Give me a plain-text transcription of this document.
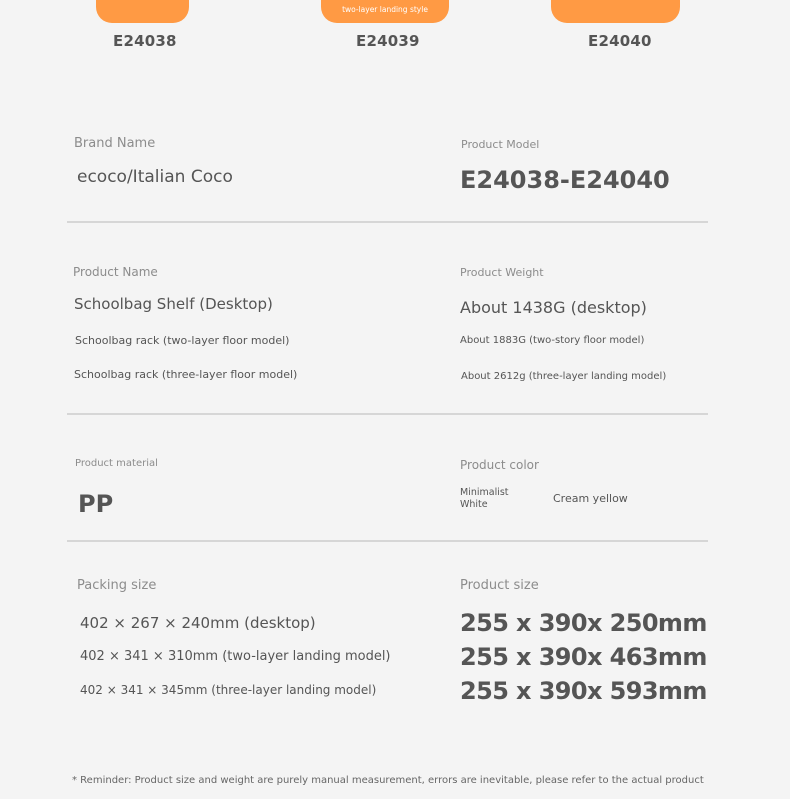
two-layer landing style
E24038	E24039	E24040
Brand Name
ecoco/Italian Coco
Product Model
E24038-E24040
Product Name
Schoolbag Shelf (Desktop)
Schoolbag rack (two-layer floor model)
Schoolbag rack (three-layer floor model)
Product Weight
About 1438G (desktop)
About 1883G (two-story floor model)
About 2612g (three-layer landing model)
Product material
PP
Product color
Minimalist
White	Cream yellow
Packing size
402 × 267 × 240mm (desktop)
402 × 341 × 310mm (two-layer landing model)
402 × 341 × 345mm (three-layer landing model)
Product size
255 x 390x 250mm
255 x 390x 463mm
255 x 390x 593mm
* Reminder: Product size and weight are purely manual measurement, errors are inevitable, please refer to the actual product
